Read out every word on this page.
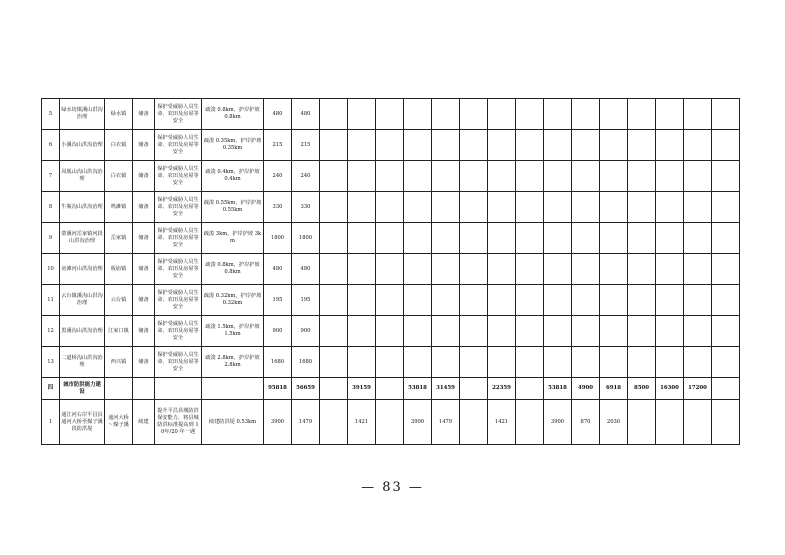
5	绿水坊镇溪山洪沟治理	绿水镇	储备	保护受威胁人员生命、农田及房屋等安全	疏浚 0.8km，护岸护坡 0.8km	480	480															
6	小溪沟山洪沟治理	白衣镇	储备	保护受威胁人员生命、农田及房屋等安全	疏浚 0.35km，护岸护坡 0.35km	215	215															
7	凤凰山沟山洪沟治理	白衣镇	储备	保护受威胁人员生命、农田及房屋等安全	疏浚 0.4km，护岸护坡 0.4km	240	240															
8	牛瓶沟山洪沟治理	鸣滩镇	储备	保护受威胁人员生命、农田及房屋等安全	疏浚 0.55km，护岸护坡 0.55km	330	330															
9	蒙溪河岳家镇河段山洪沟治理	岳家镇	储备	保护受威胁人员生命、农田及房屋等安全	疏浚 3km，护岸护坡 3km	1800	1800															
10	房滩河山洪沟治理	板庙镇	储备	保护受威胁人员生命、农田及房屋等安全	疏浚 0.8km，护岸护坡 0.8km	480	480															
11	云台镇溪沟山洪沟治理	云台镇	储备	保护受威胁人员生命、农田及房屋等安全	疏浚 0.32km，护岸护坡 0.32km	195	195															
12	黑溪沟山洪沟治理	江家口镇	储备	保护受威胁人员生命、农田及房屋等安全	疏浚 1.5km，护岸护坡 1.5km	900	900															
13	二道桥沟山洪沟治理	西兴镇	储备	保护受威胁人员生命、农田及房屋等安全	疏浚 2.8km，护岸护坡 2.8km	1680	1680															
四	城市防洪能力建设					95818	56659		39159		53818	31459		22359		53818	4900	6918	8500	16300	17200	
1	通江河右岸平昌县通河大桥至煤子溪段防洪堤	通河大桥～煤子溪	续建	提升平昌县城防洪保安能力，将县城防洪标准提高到 10年/20 年一遇	续建防洪堤 0.53km	3900	1479		1421		3900	1479		1421		3900	870	2030				
— 83 —
